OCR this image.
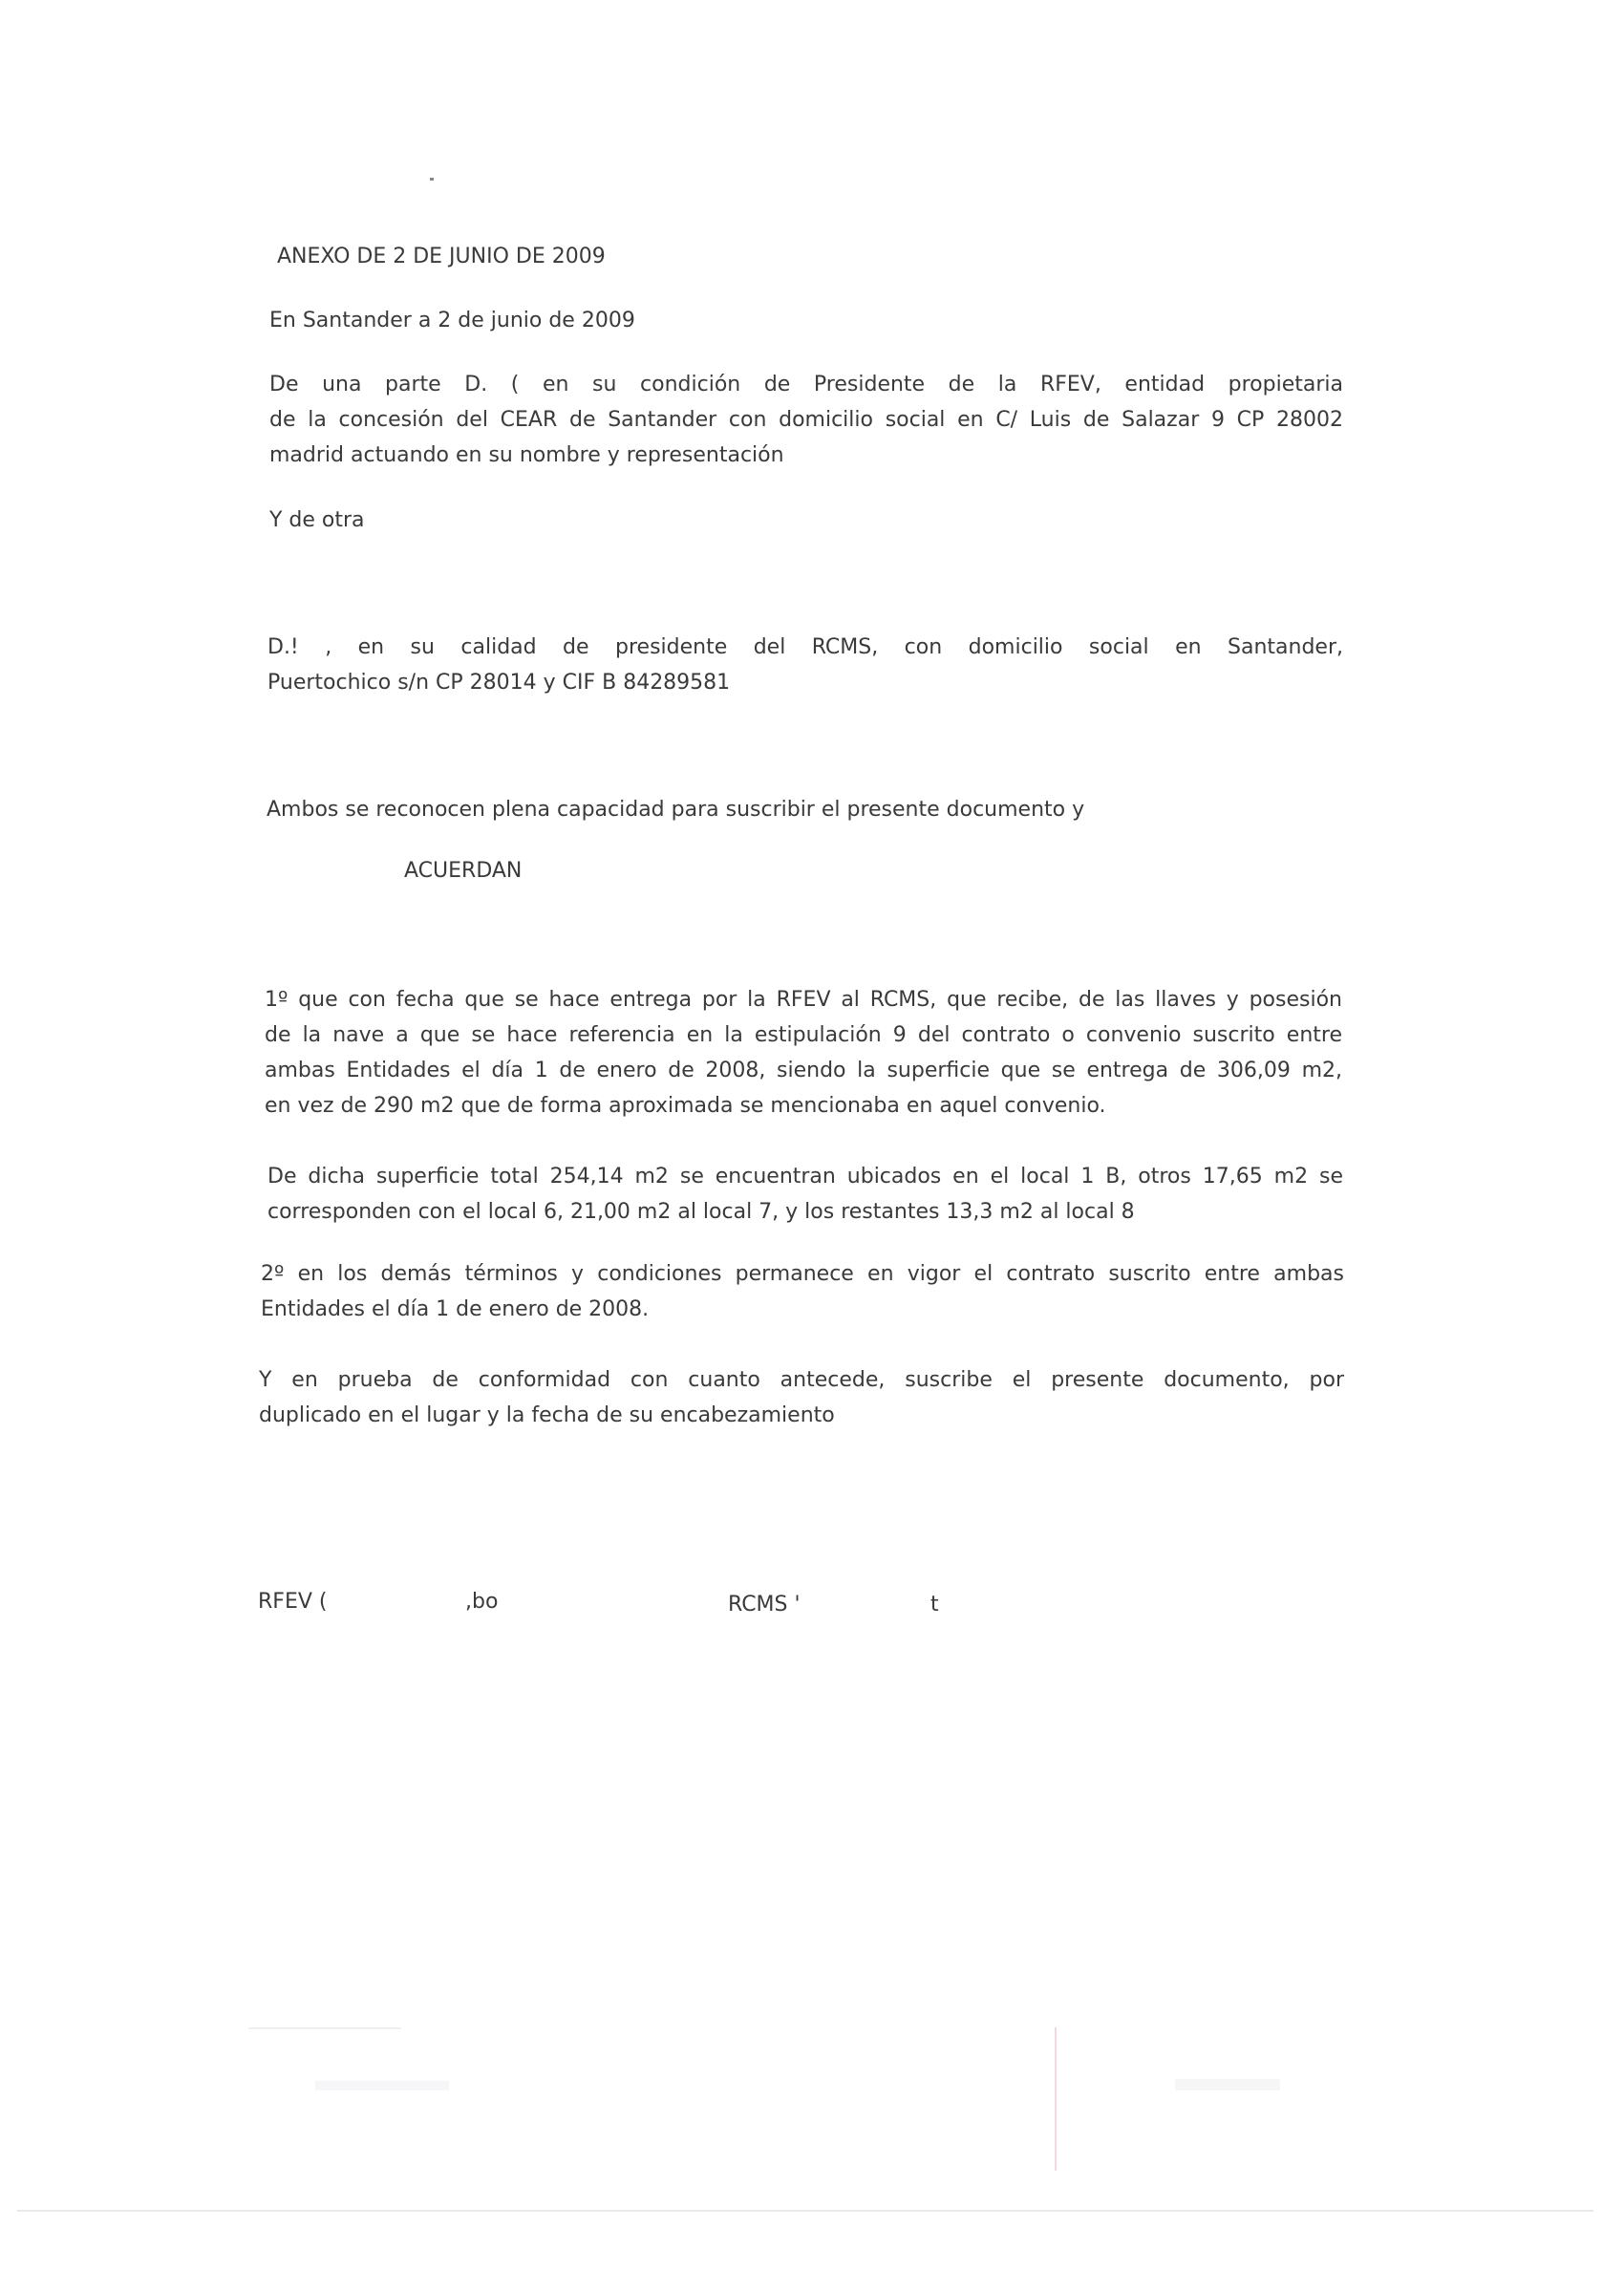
ANEXO DE 2 DE JUNIO DE 2009
En Santander a 2 de junio de 2009
De una parte D. ( en su condición de Presidente de la RFEV, entidad propietaria
de la concesión del CEAR de Santander con domicilio social en C/ Luis de Salazar 9 CP 28002
madrid actuando en su nombre y representación
Y de otra
D.! , en su calidad de presidente del RCMS, con domicilio social en Santander,
Puertochico s/n CP 28014 y CIF B 84289581
Ambos se reconocen plena capacidad para suscribir el presente documento y
ACUERDAN
1º que con fecha que se hace entrega por la RFEV al RCMS, que recibe, de las llaves y posesión
de la nave a que se hace referencia en la estipulación 9 del contrato o convenio suscrito entre
ambas Entidades el día 1 de enero de 2008, siendo la superficie que se entrega de 306,09 m2,
en vez de 290 m2 que de forma aproximada se mencionaba en aquel convenio.
De dicha superficie total 254,14 m2 se encuentran ubicados en el local 1 B, otros 17,65 m2 se
corresponden con el local 6, 21,00 m2 al local 7, y los restantes 13,3 m2 al local 8
2º en los demás términos y condiciones permanece en vigor el contrato suscrito entre ambas
Entidades el día 1 de enero de 2008.
Y en prueba de conformidad con cuanto antecede, suscribe el presente documento, por
duplicado en el lugar y la fecha de su encabezamiento
RFEV (	,bo	RCMS '	t
